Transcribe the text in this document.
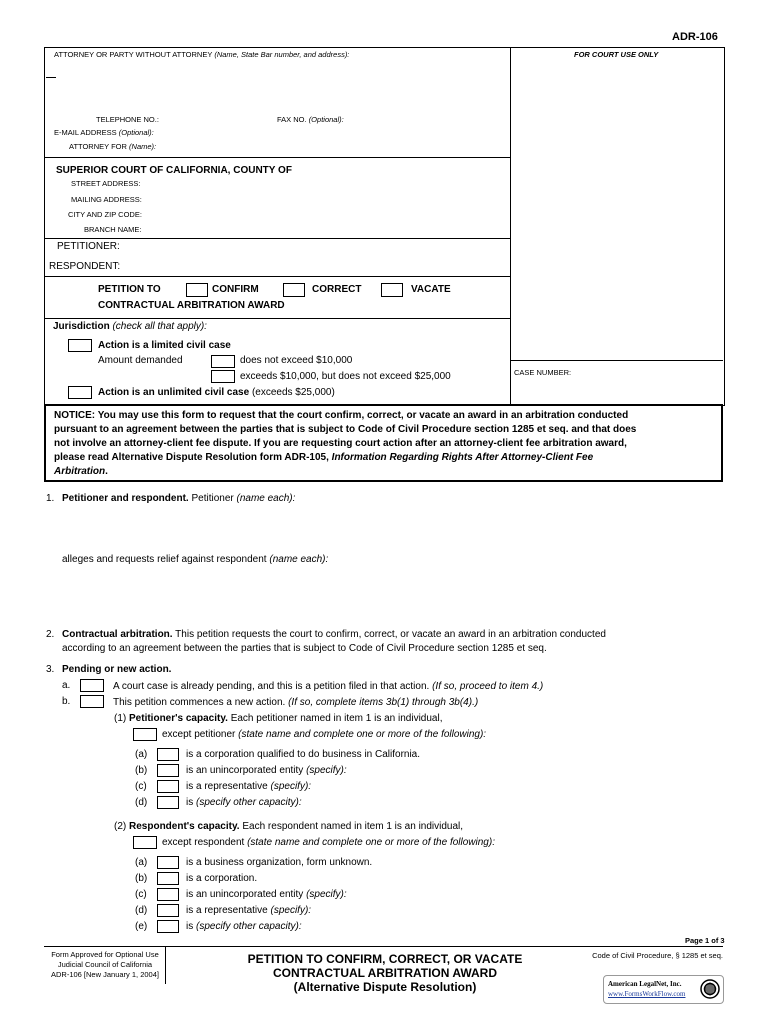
ADR-106
ATTORNEY OR PARTY WITHOUT ATTORNEY (Name, State Bar number, and address):	FOR COURT USE ONLY
TELEPHONE NO.:	FAX NO. (Optional):
E-MAIL ADDRESS (Optional):
ATTORNEY FOR (Name):
SUPERIOR COURT OF CALIFORNIA, COUNTY OF
STREET ADDRESS:
MAILING ADDRESS:
CITY AND ZIP CODE:
BRANCH NAME:
PETITIONER:
RESPONDENT:
PETITION TO	CONFIRM	CORRECT	VACATE
CONTRACTUAL ARBITRATION AWARD
Jurisdiction (check all that apply):
Action is a limited civil case
Amount demanded	does not exceed $10,000
exceeds $10,000, but does not exceed $25,000
Action is an unlimited civil case (exceeds $25,000)
CASE NUMBER:
NOTICE: You may use this form to request that the court confirm, correct, or vacate an award in an arbitration conducted
pursuant to an agreement between the parties that is subject to Code of Civil Procedure section 1285 et seq. and that does
not involve an attorney-client fee dispute. If you are requesting court action after an attorney-client fee arbitration award,
please read Alternative Dispute Resolution form ADR-105, Information Regarding Rights After Attorney-Client Fee
Arbitration.
1. Petitioner and respondent. Petitioner (name each):
alleges and requests relief against respondent (name each):
2. Contractual arbitration. This petition requests the court to confirm, correct, or vacate an award in an arbitration conducted
according to an agreement between the parties that is subject to Code of Civil Procedure section 1285 et seq.
3. Pending or new action.
a.	A court case is already pending, and this is a petition filed in that action. (If so, proceed to item 4.)
b.	This petition commences a new action. (If so, complete items 3b(1) through 3b(4).)
(1) Petitioner's capacity. Each petitioner named in item 1 is an individual,
except petitioner (state name and complete one or more of the following):
(a)	is a corporation qualified to do business in California.
(b)	is an unincorporated entity (specify):
(c)	is a representative (specify):
(d)	is (specify other capacity):
(2) Respondent's capacity. Each respondent named in item 1 is an individual,
except respondent (state name and complete one or more of the following):
(a)	is a business organization, form unknown.
(b)	is a corporation.
(c)	is an unincorporated entity (specify):
(d)	is a representative (specify):
(e)	is (specify other capacity):
Page 1 of 3
Form Approved for Optional Use
Judicial Council of California
ADR-106 [New January 1, 2004]
PETITION TO CONFIRM, CORRECT, OR VACATE
CONTRACTUAL ARBITRATION AWARD
(Alternative Dispute Resolution)
Code of Civil Procedure, § 1285 et seq.
American LegalNet, Inc.
www.FormsWorkFlow.com
